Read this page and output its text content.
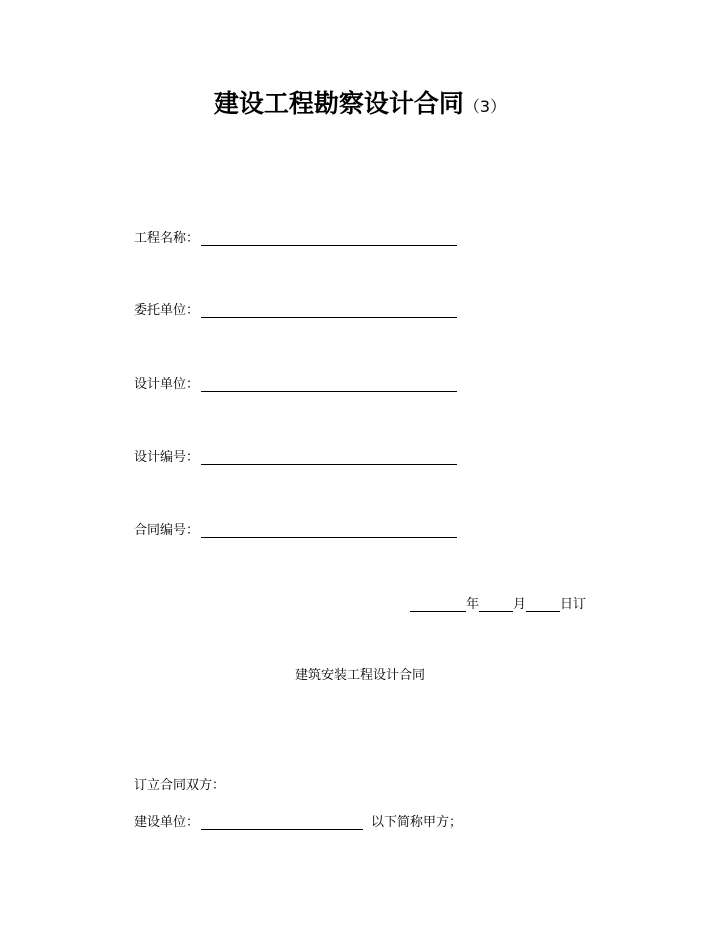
建设工程勘察设计合同（3）
工程名称：
委托单位：
设计单位：
设计编号：
合同编号：
年	月	日订
建筑安装工程设计合同
订立合同双方：
建设单位：	以下简称甲方；
